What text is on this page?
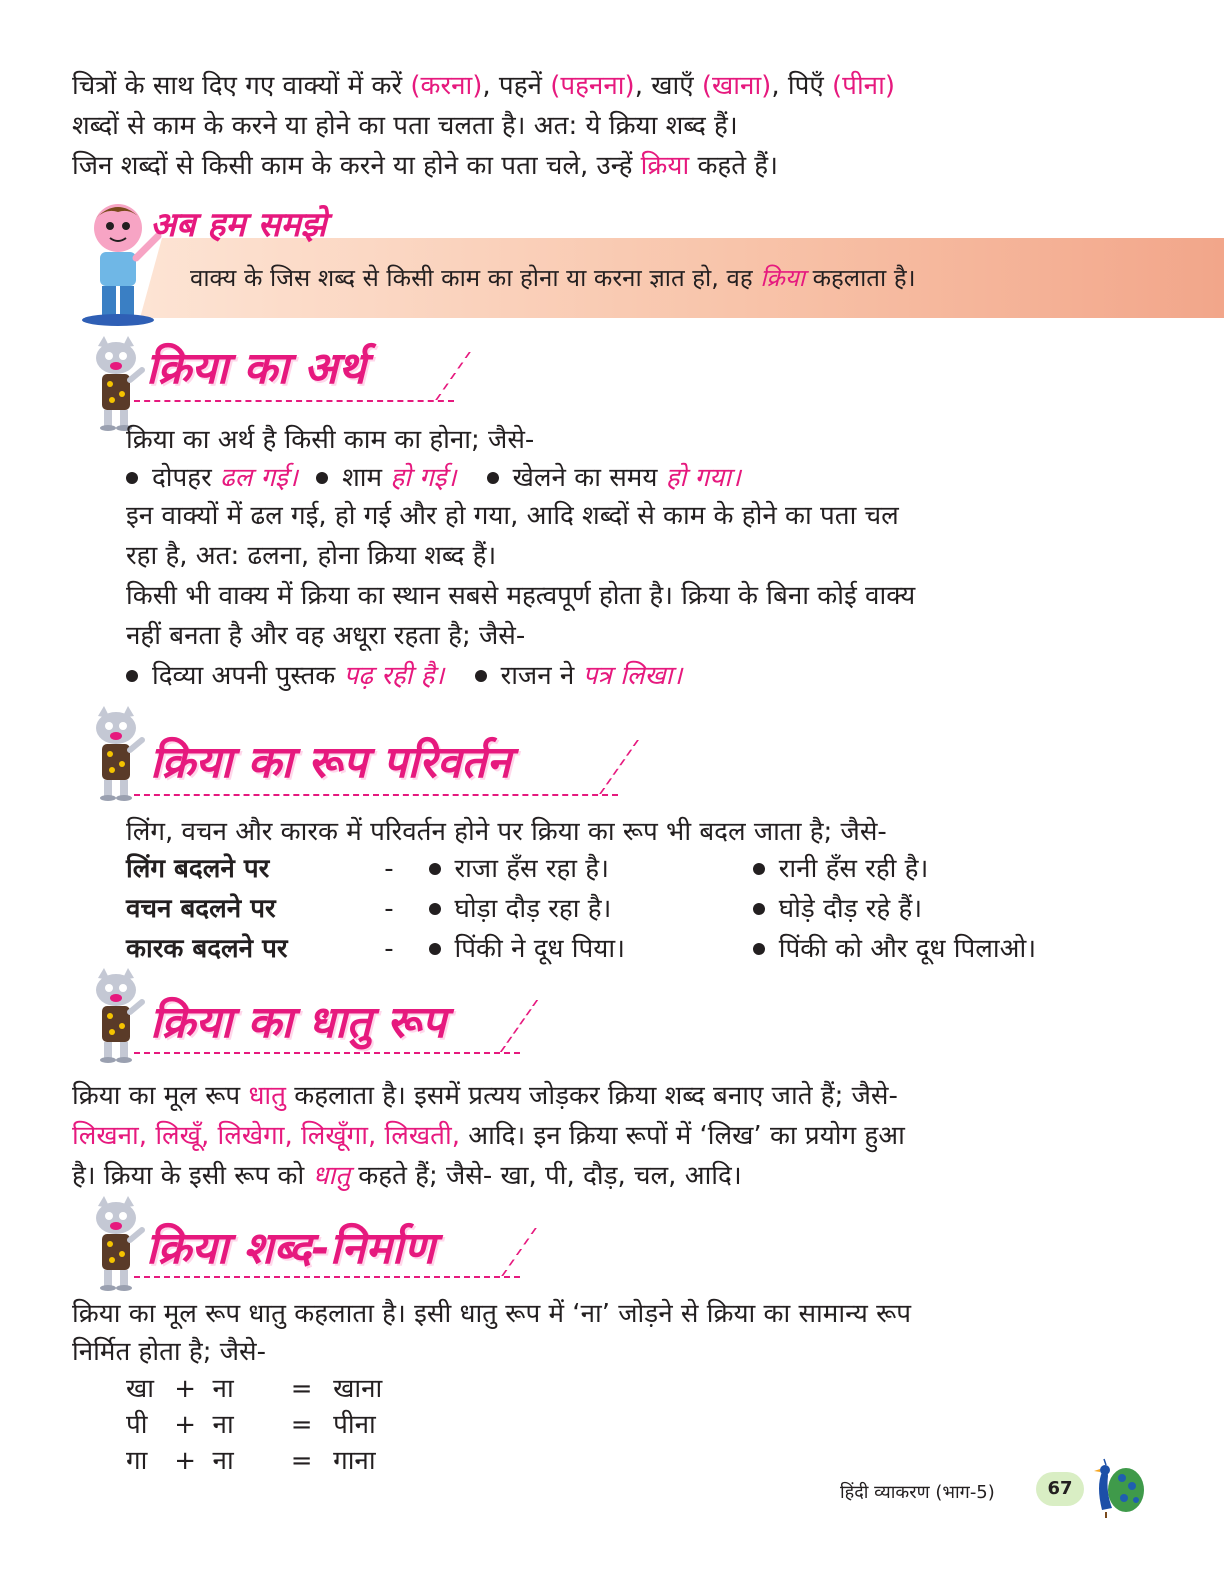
चित्रों के साथ दिए गए वाक्यों में करें (करना), पहनें (पहनना), खाएँ (खाना), पिएँ (पीना)
शब्दों से काम के करने या होने का पता चलता है। अत: ये क्रिया शब्द हैं।
जिन शब्दों से किसी काम के करने या होने का पता चले, उन्हें क्रिया कहते हैं।
अब हम समझे
वाक्य के जिस शब्द से किसी काम का होना या करना ज्ञात हो, वह क्रिया कहलाता है।
क्रिया का अर्थ
क्रिया का अर्थ है किसी काम का होना; जैसे-
दोपहर ढल गई। शाम हो गई। खेलने का समय हो गया।
इन वाक्यों में ढल गई, हो गई और हो गया, आदि शब्दों से काम के होने का पता चल
रहा है, अत: ढलना, होना क्रिया शब्द हैं।
किसी भी वाक्य में क्रिया का स्थान सबसे महत्वपूर्ण होता है। क्रिया के बिना कोई वाक्य
नहीं बनता है और वह अधूरा रहता है; जैसे-
दिव्या अपनी पुस्तक पढ़ रही है। राजन ने पत्र लिखा।
क्रिया का रूप परिवर्तन
लिंग, वचन और कारक में परिवर्तन होने पर क्रिया का रूप भी बदल जाता है; जैसे-
लिंग बदलने पर	- राजा हँस रहा है।	रानी हँस रही है।
वचन बदलने पर	- घोड़ा दौड़ रहा है।	घोड़े दौड़ रहे हैं।
कारक बदलने पर	- पिंकी ने दूध पिया।	पिंकी को और दूध पिलाओ।
क्रिया का धातु रूप
क्रिया का मूल रूप धातु कहलाता है। इसमें प्रत्यय जोड़कर क्रिया शब्द बनाए जाते हैं; जैसे-
लिखना, लिखूँ, लिखेगा, लिखूँगा, लिखती, आदि। इन क्रिया रूपों में ‘लिख’ का प्रयोग हुआ
है। क्रिया के इसी रूप को धातु कहते हैं; जैसे- खा, पी, दौड़, चल, आदि।
क्रिया शब्द-निर्माण
क्रिया का मूल रूप धातु कहलाता है। इसी धातु रूप में ‘ना’ जोड़ने से क्रिया का सामान्य रूप
निर्मित होता है; जैसे-
खा + ना = खाना
पी + ना = पीना
गा + ना = गाना
हिंदी व्याकरण (भाग-5)	67
